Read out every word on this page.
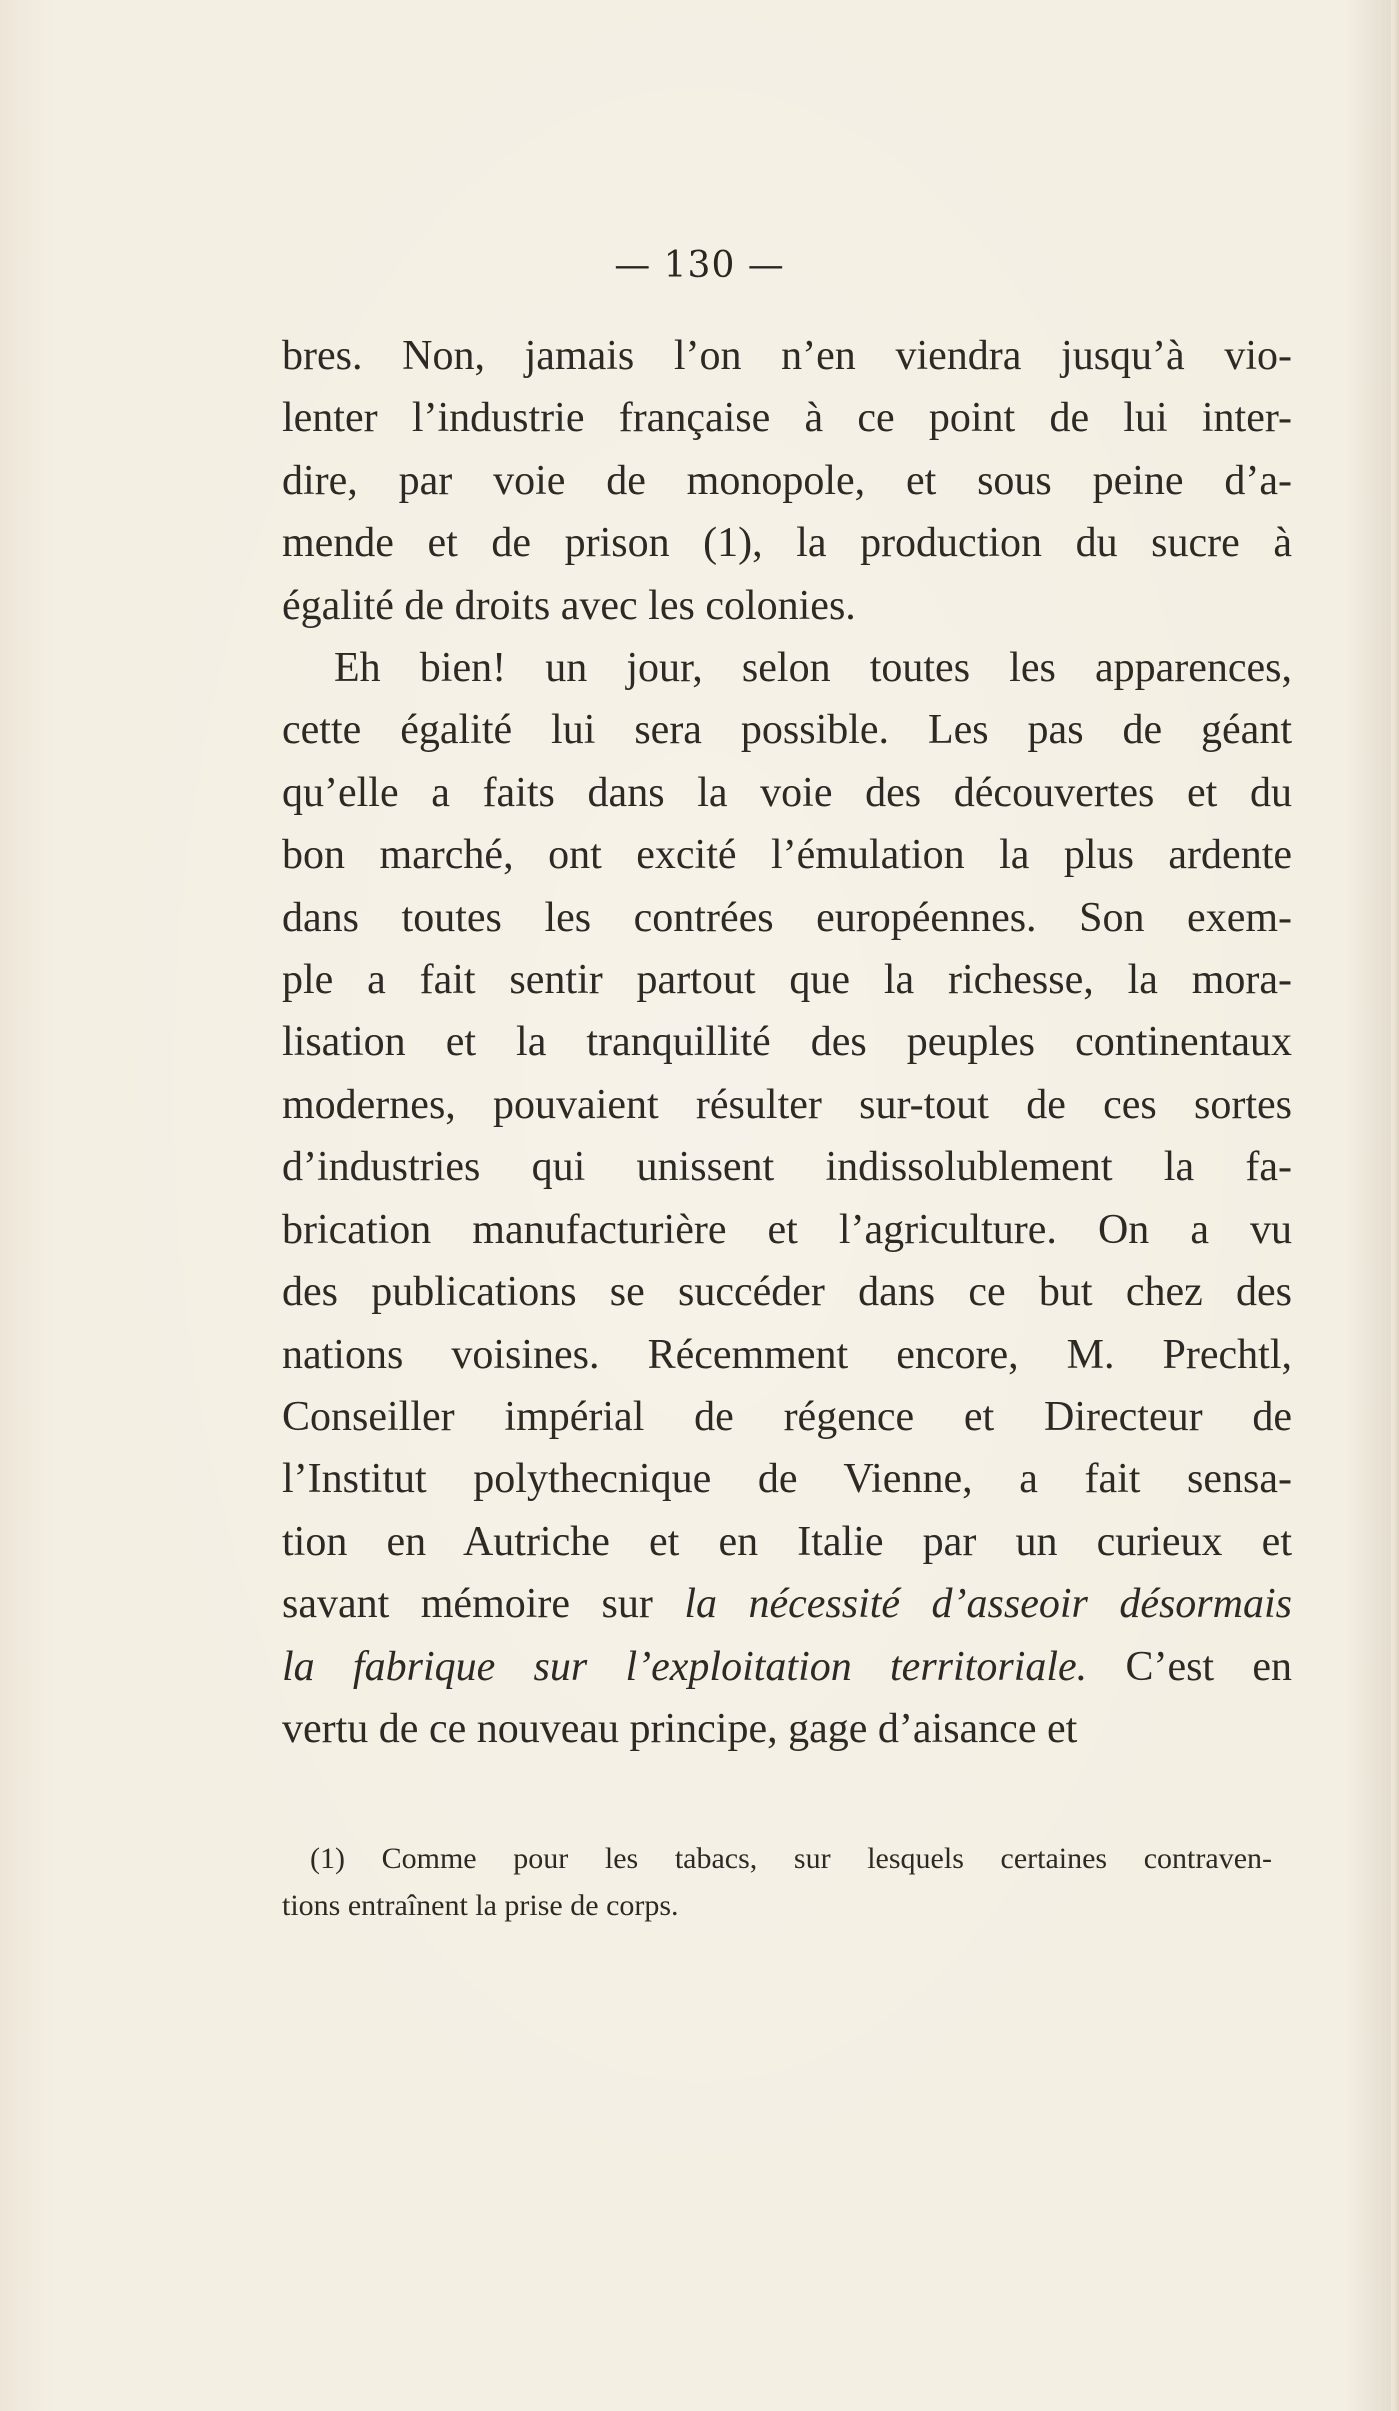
— 130 —
bres. Non, jamais l’on n’en viendra jusqu’à vio-
lenter l’industrie française à ce point de lui inter-
dire, par voie de monopole, et sous peine d’a-
mende et de prison (1), la production du sucre à
égalité de droits avec les colonies.
Eh bien! un jour, selon toutes les apparences,
cette égalité lui sera possible. Les pas de géant
qu’elle a faits dans la voie des découvertes et du
bon marché, ont excité l’émulation la plus ardente
dans toutes les contrées européennes. Son exem-
ple a fait sentir partout que la richesse, la mora-
lisation et la tranquillité des peuples continentaux
modernes, pouvaient résulter sur-tout de ces sortes
d’industries qui unissent indissolublement la fa-
brication manufacturière et l’agriculture. On a vu
des publications se succéder dans ce but chez des
nations voisines. Récemment encore, M. Prechtl,
Conseiller impérial de régence et Directeur de
l’Institut polythecnique de Vienne, a fait sensa-
tion en Autriche et en Italie par un curieux et
savant mémoire sur la nécessité d’asseoir désormais
la fabrique sur l’exploitation territoriale. C’est en
vertu de ce nouveau principe, gage d’aisance et
(1) Comme pour les tabacs, sur lesquels certaines contraven-
tions entraînent la prise de corps.
